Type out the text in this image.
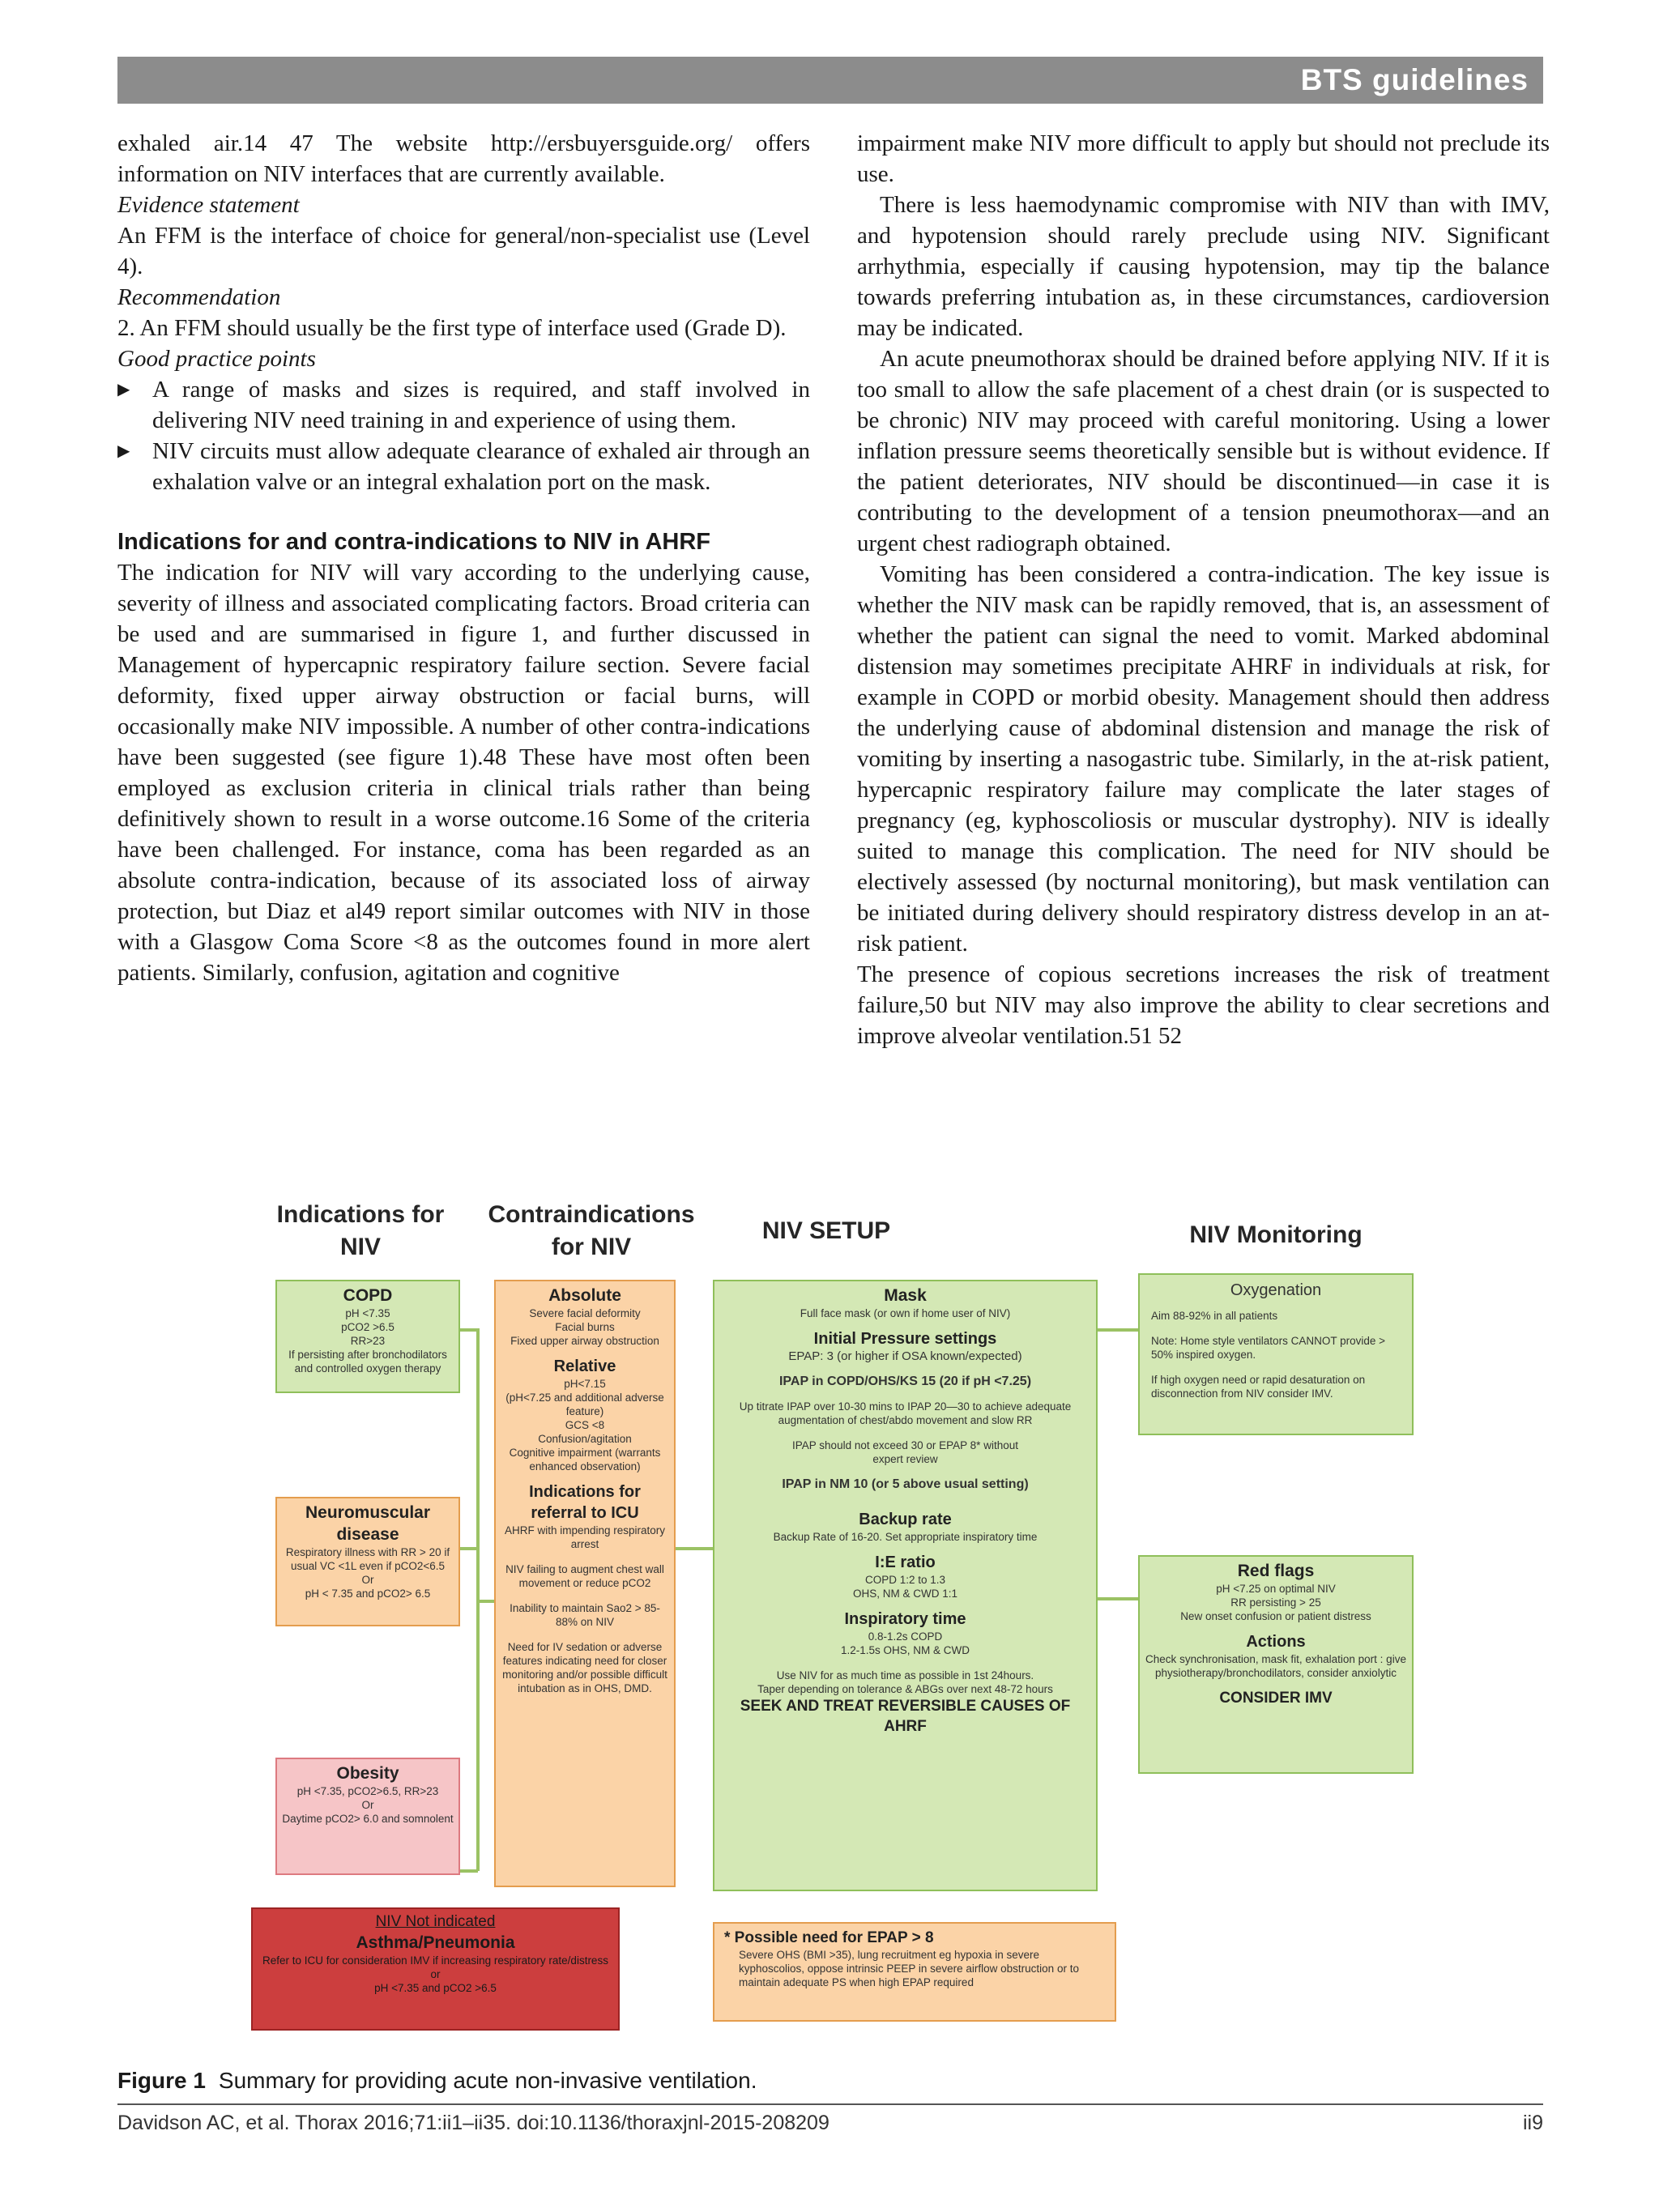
BTS guidelines

exhaled air.14 47 The website http://ersbuyersguide.org/ offers information on NIV interfaces that are currently available.

Evidence statement

An FFM is the interface of choice for general/non-specialist use (Level 4).

Recommendation

2. An FFM should usually be the first type of interface used (Grade D).

Good practice points

▶ A range of masks and sizes is required, and staff involved in delivering NIV need training in and experience of using them.
▶ NIV circuits must allow adequate clearance of exhaled air through an exhalation valve or an integral exhalation port on the mask.

Indications for and contra-indications to NIV in AHRF

The indication for NIV will vary according to the underlying cause, severity of illness and associated complicating factors. Broad criteria can be used and are summarised in figure 1, and further discussed in Management of hypercapnic respiratory failure section. Severe facial deformity, fixed upper airway obstruction or facial burns, will occasionally make NIV impossible. A number of other contra-indications have been suggested (see figure 1).48 These have most often been employed as exclusion criteria in clinical trials rather than being definitively shown to result in a worse outcome.16 Some of the criteria have been challenged. For instance, coma has been regarded as an absolute contra-indication, because of its associated loss of airway protection, but Diaz et al49 report similar outcomes with NIV in those with a Glasgow Coma Score <8 as the outcomes found in more alert patients. Similarly, confusion, agitation and cognitive

impairment make NIV more difficult to apply but should not preclude its use.

There is less haemodynamic compromise with NIV than with IMV, and hypotension should rarely preclude using NIV. Significant arrhythmia, especially if causing hypotension, may tip the balance towards preferring intubation as, in these circumstances, cardioversion may be indicated.

An acute pneumothorax should be drained before applying NIV. If it is too small to allow the safe placement of a chest drain (or is suspected to be chronic) NIV may proceed with careful monitoring. Using a lower inflation pressure seems theoretically sensible but is without evidence. If the patient deteriorates, NIV should be discontinued—in case it is contributing to the development of a tension pneumothorax—and an urgent chest radiograph obtained.

Vomiting has been considered a contra-indication. The key issue is whether the NIV mask can be rapidly removed, that is, an assessment of whether the patient can signal the need to vomit. Marked abdominal distension may sometimes precipitate AHRF in individuals at risk, for example in COPD or morbid obesity. Management should then address the underlying cause of abdominal distension and manage the risk of vomiting by inserting a nasogastric tube. Similarly, in the at-risk patient, hypercapnic respiratory failure may complicate the later stages of pregnancy (eg, kyphoscoliosis or muscular dystrophy). NIV is ideally suited to manage this complication. The need for NIV should be electively assessed (by nocturnal monitoring), but mask ventilation can be initiated during delivery should respiratory distress develop in an at-risk patient.

The presence of copious secretions increases the risk of treatment failure,50 but NIV may also improve the ability to clear secretions and improve alveolar ventilation.51 52

Indications for NIV
Contraindications for NIV
NIV SETUP	NIV Monitoring
COPD
pH <7.35
pCO2 >6.5
RR>23
If persisting after bronchodilators and controlled oxygen therapy
Neuromuscular disease
Respiratory illness with RR > 20 if usual VC <1L even if pCO2<6.5
Or
pH < 7.35 and pCO2> 6.5
Obesity
pH <7.35, pCO2>6.5, RR>23
Or
Daytime pCO2> 6.0 and somnolent
Absolute
Severe facial deformity
Facial burns
Fixed upper airway obstruction
Relative
pH<7.15
(pH<7.25 and additional adverse feature)
GCS <8
Confusion/agitation
Cognitive impairment (warrants enhanced observation)
Indications for referral to ICU
AHRF with impending respiratory arrest
NIV failing to augment chest wall movement or reduce pCO2
Inability to maintain Sao2 > 85-88% on NIV
Need for IV sedation or adverse features indicating need for closer monitoring and/or possible difficult intubation as in OHS, DMD.
NIV Not indicated
Asthma/Pneumonia
Refer to ICU for consideration IMV if increasing respiratory rate/distress
or
pH <7.35 and pCO2 >6.5
Mask
Full face mask (or own if home user of NIV)
Initial Pressure settings
EPAP: 3 (or higher if OSA known/expected)
IPAP in COPD/OHS/KS 15 (20 if pH <7.25)
Up titrate IPAP over 10-30 mins to IPAP 20—30 to achieve adequate augmentation of chest/abdo movement and slow RR
IPAP should not exceed 30 or EPAP 8* without expert review
IPAP in NM 10 (or 5 above usual setting)
Backup rate
Backup Rate of 16-20. Set appropriate inspiratory time
I:E ratio
COPD 1:2 to 1.3
OHS, NM & CWD 1:1
Inspiratory time
0.8-1.2s COPD
1.2-1.5s OHS, NM & CWD
Use NIV for as much time as possible in 1st 24hours.
Taper depending on tolerance & ABGs over next 48-72 hours
SEEK AND TREAT REVERSIBLE CAUSES OF AHRF
* Possible need for EPAP > 8
Severe OHS (BMI >35), lung recruitment eg hypoxia in severe kyphoscolios, oppose intrinsic PEEP in severe airflow obstruction or to maintain adequate PS when high EPAP required
Oxygenation
Aim 88-92% in all patients
Note: Home style ventilators CANNOT provide > 50% inspired oxygen.
If high oxygen need or rapid desaturation on disconnection from NIV consider IMV.
Red flags
pH <7.25 on optimal NIV
RR persisting > 25
New onset confusion or patient distress
Actions
Check synchronisation, mask fit, exhalation port : give physiotherapy/bronchodilators, consider anxiolytic
CONSIDER IMV
Figure 1 Summary for providing acute non-invasive ventilation.
Davidson AC, et al. Thorax 2016;71:ii1–ii35. doi:10.1136/thoraxjnl-2015-208209	ii9
